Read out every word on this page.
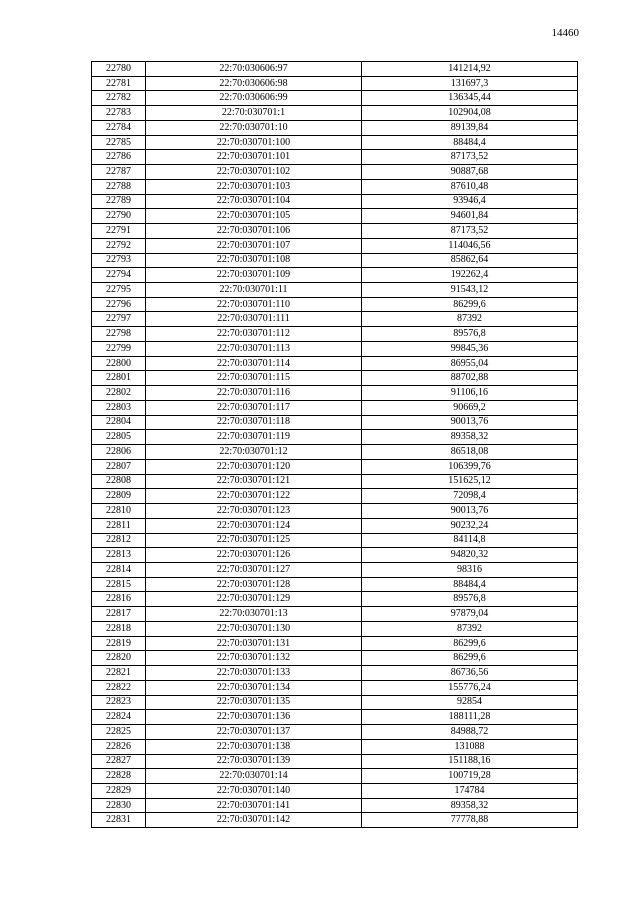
14460
22780	22:70:030606:97	141214,92
22781	22:70:030606:98	131697,3
22782	22:70:030606:99	136345,44
22783	22:70:030701:1	102904,08
22784	22:70:030701:10	89139,84
22785	22:70:030701:100	88484,4
22786	22:70:030701:101	87173,52
22787	22:70:030701:102	90887,68
22788	22:70:030701:103	87610,48
22789	22:70:030701:104	93946,4
22790	22:70:030701:105	94601,84
22791	22:70:030701:106	87173,52
22792	22:70:030701:107	114046,56
22793	22:70:030701:108	85862,64
22794	22:70:030701:109	192262,4
22795	22:70:030701:11	91543,12
22796	22:70:030701:110	86299,6
22797	22:70:030701:111	87392
22798	22:70:030701:112	89576,8
22799	22:70:030701:113	99845,36
22800	22:70:030701:114	86955,04
22801	22:70:030701:115	88702,88
22802	22:70:030701:116	91106,16
22803	22:70:030701:117	90669,2
22804	22:70:030701:118	90013,76
22805	22:70:030701:119	89358,32
22806	22:70:030701:12	86518,08
22807	22:70:030701:120	106399,76
22808	22:70:030701:121	151625,12
22809	22:70:030701:122	72098,4
22810	22:70:030701:123	90013,76
22811	22:70:030701:124	90232,24
22812	22:70:030701:125	84114,8
22813	22:70:030701:126	94820,32
22814	22:70:030701:127	98316
22815	22:70:030701:128	88484,4
22816	22:70:030701:129	89576,8
22817	22:70:030701:13	97879,04
22818	22:70:030701:130	87392
22819	22:70:030701:131	86299,6
22820	22:70:030701:132	86299,6
22821	22:70:030701:133	86736,56
22822	22:70:030701:134	155776,24
22823	22:70:030701:135	92854
22824	22:70:030701:136	188111,28
22825	22:70:030701:137	84988,72
22826	22:70:030701:138	131088
22827	22:70:030701:139	151188,16
22828	22:70:030701:14	100719,28
22829	22:70:030701:140	174784
22830	22:70:030701:141	89358,32
22831	22:70:030701:142	77778,88
